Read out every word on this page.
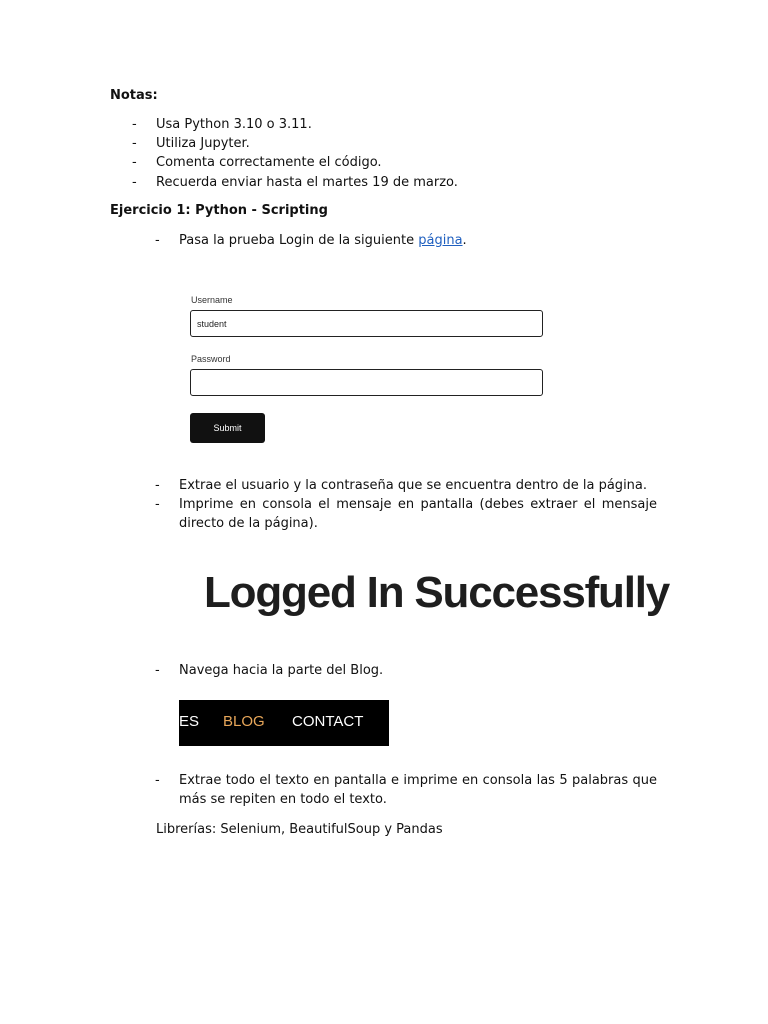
Notas:
- Usa Python 3.10 o 3.11.
- Utiliza Jupyter.
- Comenta correctamente el código.
- Recuerda enviar hasta el martes 19 de marzo.
Ejercicio 1: Python - Scripting
- Pasa la prueba Login de la siguiente página.
Username
student
Password
Submit
- Extrae el usuario y la contraseña que se encuentra dentro de la página.
- Imprime en consola el mensaje en pantalla (debes extraer el mensaje directo de la página).
Logged In Successfully
- Navega hacia la parte del Blog.
ES BLOG CONTACT
- Extrae todo el texto en pantalla e imprime en consola las 5 palabras que más se repiten en todo el texto.
Librerías: Selenium, BeautifulSoup y Pandas
